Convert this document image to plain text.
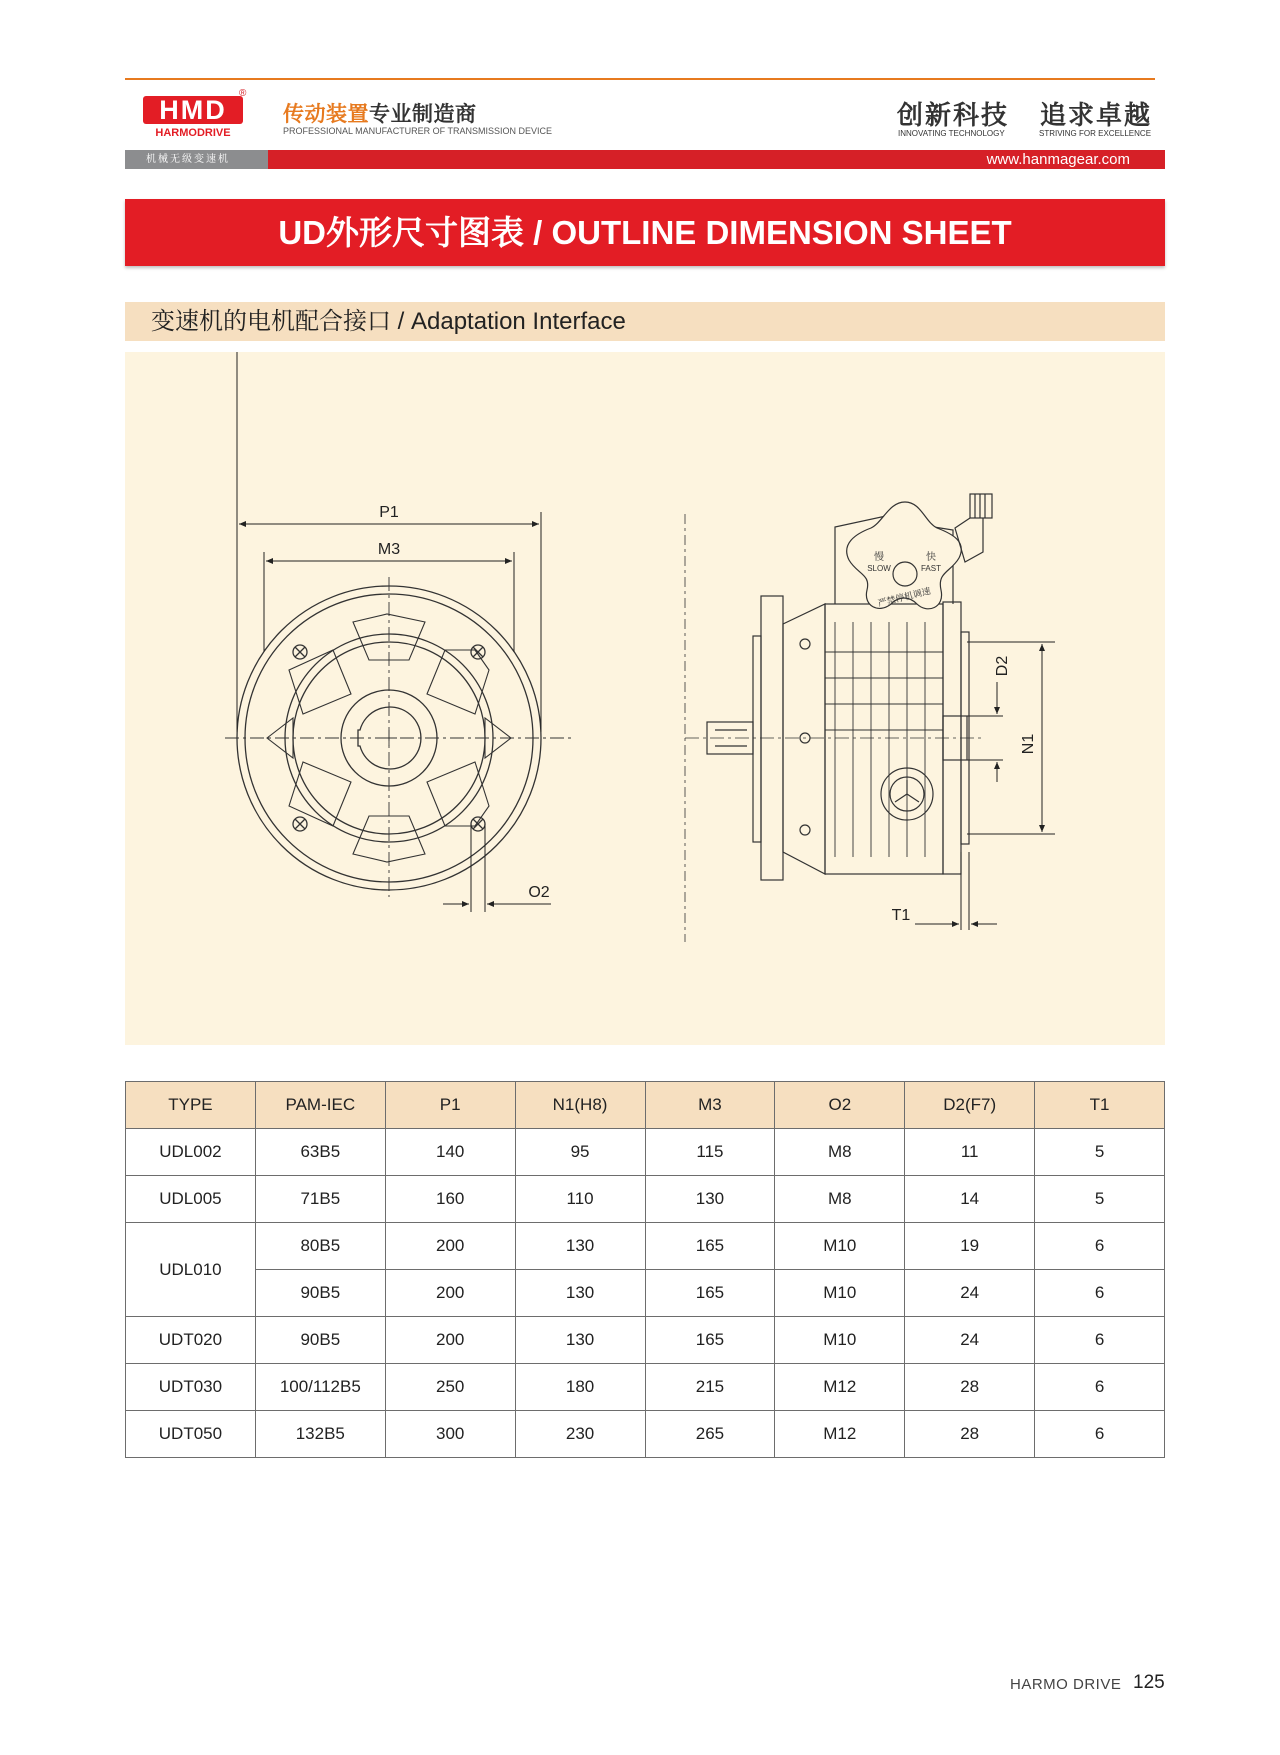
HMD
HARMODRIVE
®
传动装置专业制造商
PROFESSIONAL MANUFACTURER OF TRANSMISSION DEVICE	创新科技
INNOVATING TECHNOLOGY
追求卓越
STRIVING FOR EXCELLENCE
机械无级变速机	www.hanmagear.com
UD外形尺寸图表 / OUTLINE DIMENSION SHEET
变速机的电机配合接口 / Adaptation Interface
P1
M3
O2
慢
SLOW
快
FAST
严禁停机调速
D2
N1
T1
TYPE	PAM-IEC	P1	N1(H8)	M3	O2	D2(F7)	T1
UDL002	63B5	140	95	115	M8	11	5
UDL005	71B5	160	110	130	M8	14	5
UDL010	80B5	200	130	165	M10	19	6
	90B5	200	130	165	M10	24	6
UDT020	90B5	200	130	165	M10	24	6
UDT030	100/112B5	250	180	215	M12	28	6
UDT050	132B5	300	230	265	M12	28	6
HARMO DRIVE 125
